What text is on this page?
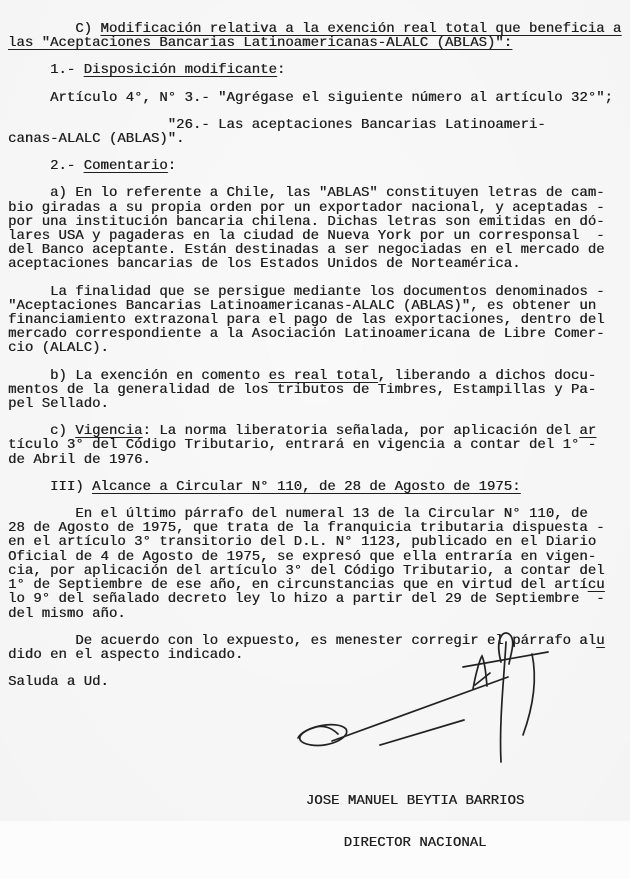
C) Modificación relativa a la exención real total que beneficia a
las "Aceptaciones Bancarias Latinoamericanas-ALALC (ABLAS)":
1.- Disposición modificante:
Artículo 4°, N° 3.- "Agrégase el siguiente número al artículo 32°";
"26.- Las aceptaciones Bancarias Latinoameri-
canas-ALALC (ABLAS)".
2.- Comentario:
a) En lo referente a Chile, las "ABLAS" constituyen letras de cam-
bio giradas a su propia orden por un exportador nacional, y aceptadas -
por una institución bancaria chilena. Dichas letras son emitidas en dó-
lares USA y pagaderas en la ciudad de Nueva York por un corresponsal  -
del Banco aceptante. Están destinadas a ser negociadas en el mercado de
aceptaciones bancarias de los Estados Unidos de Norteamérica.
La finalidad que se persigue mediante los documentos denominados -
"Aceptaciones Bancarias Latinoamericanas-ALALC (ABLAS)", es obtener un
financiamiento extrazonal para el pago de las exportaciones, dentro del
mercado correspondiente a la Asociación Latinoamericana de Libre Comer-
cio (ALALC).
b) La exención en comento es real total, liberando a dichos docu-
mentos de la generalidad de los tributos de Timbres, Estampillas y Pa-
pel Sellado.
c) Vigencia: La norma liberatoria señalada, por aplicación del ar
tículo 3° del Código Tributario, entrará en vigencia a contar del 1° -
de Abril de 1976.
III) Alcance a Circular N° 110, de 28 de Agosto de 1975:
En el último párrafo del numeral 13 de la Circular N° 110, de
28 de Agosto de 1975, que trata de la franquicia tributaria dispuesta -
en el artículo 3° transitorio del D.L. N° 1123, publicado en el Diario
Oficial de 4 de Agosto de 1975, se expresó que ella entraría en vigen-
cia, por aplicación del artículo 3° del Código Tributario, a contar del
1° de Septiembre de ese año, en circunstancias que en virtud del artícu
lo 9° del señalado decreto ley lo hizo a partir del 29 de Septiembre  -
del mismo año.
De acuerdo con lo expuesto, es menester corregir el párrafo alu
dido en el aspecto indicado.
Saluda a Ud.

JOSE MANUEL BEYTIA BARRIOS

DIRECTOR NACIONAL
